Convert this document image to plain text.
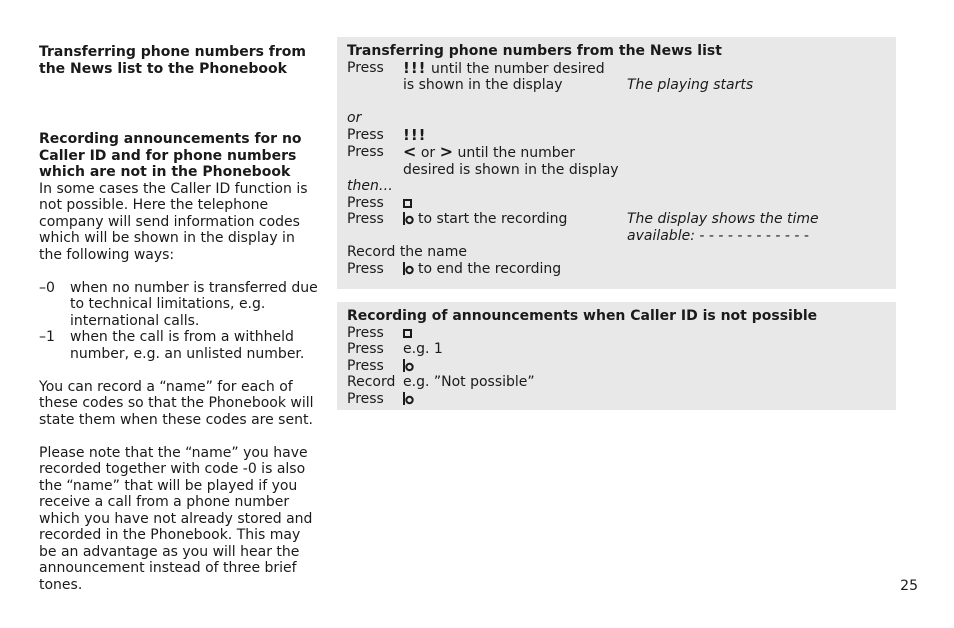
Transferring phone numbers from the News list to the Phonebook

Recording announcements for no Caller ID and for phone numbers which are not in the Phonebook

In some cases the Caller ID function is not possible. Here the telephone company will send information codes which will be shown in the display in the following ways:

–0	when no number is transferred due to technical limitations, e.g. international calls.
–1	when the call is from a withheld number, e.g. an unlisted number.

You can record a “name” for each of these codes so that the Phonebook will state them when these codes are sent.

Please note that the “name” you have recorded together with code -0 is also the “name” that will be played if you receive a call from a phone number which you have not already stored and recorded in the Phonebook. This may be an advantage as you will hear the announcement instead of three brief tones.

Transferring phone numbers from the News list

Press	!!! until the number desired
is shown in the display	The playing starts
or
Press	!!!
Press	< or > until the number
desired is shown in the display
then…
Press
Press	to start the recording	The display shows the time
available: - - - - - - - - - - - -
Record the name
Press	to end the recording

Recording of announcements when Caller ID is not possible

Press
Press	e.g. 1
Press
Record e.g. ”Not possible”
Press
25
